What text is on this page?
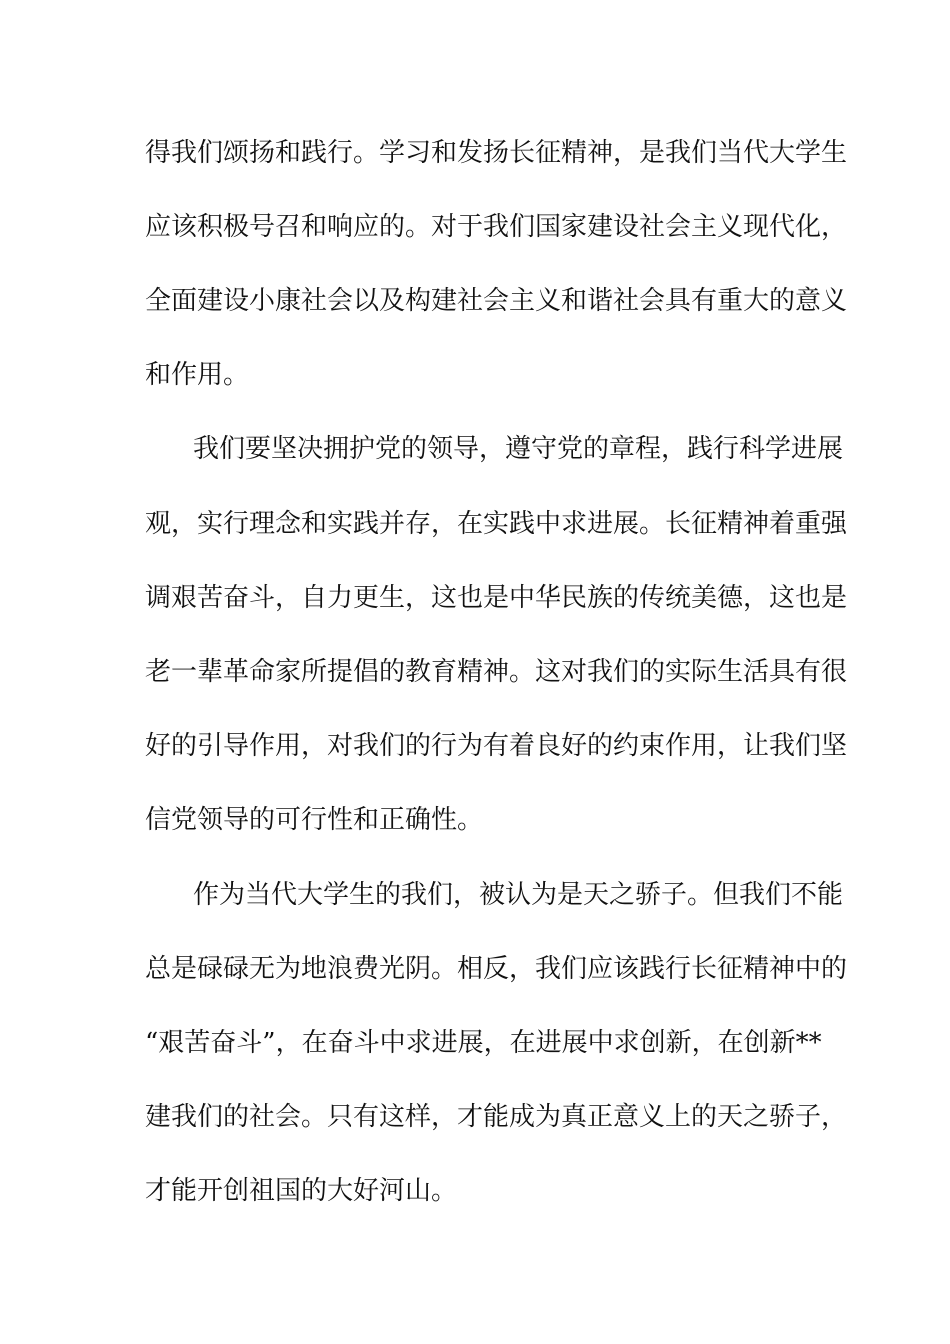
得我们颂扬和践行。学习和发扬长征精神，是我们当代大学生
应该积极号召和响应的。对于我们国家建设社会主义现代化，
全面建设小康社会以及构建社会主义和谐社会具有重大的意义
和作用。
我们要坚决拥护党的领导，遵守党的章程，践行科学进展
观，实行理念和实践并存，在实践中求进展。长征精神着重强
调艰苦奋斗，自力更生，这也是中华民族的传统美德，这也是
老一辈革命家所提倡的教育精神。这对我们的实际生活具有很
好的引导作用，对我们的行为有着良好的约束作用，让我们坚
信党领导的可行性和正确性。
作为当代大学生的我们，被认为是天之骄子。但我们不能
总是碌碌无为地浪费光阴。相反，我们应该践行长征精神中的
“艰苦奋斗”，在奋斗中求进展，在进展中求创新，在创新**
建我们的社会。只有这样，才能成为真正意义上的天之骄子，
才能开创祖国的大好河山。
